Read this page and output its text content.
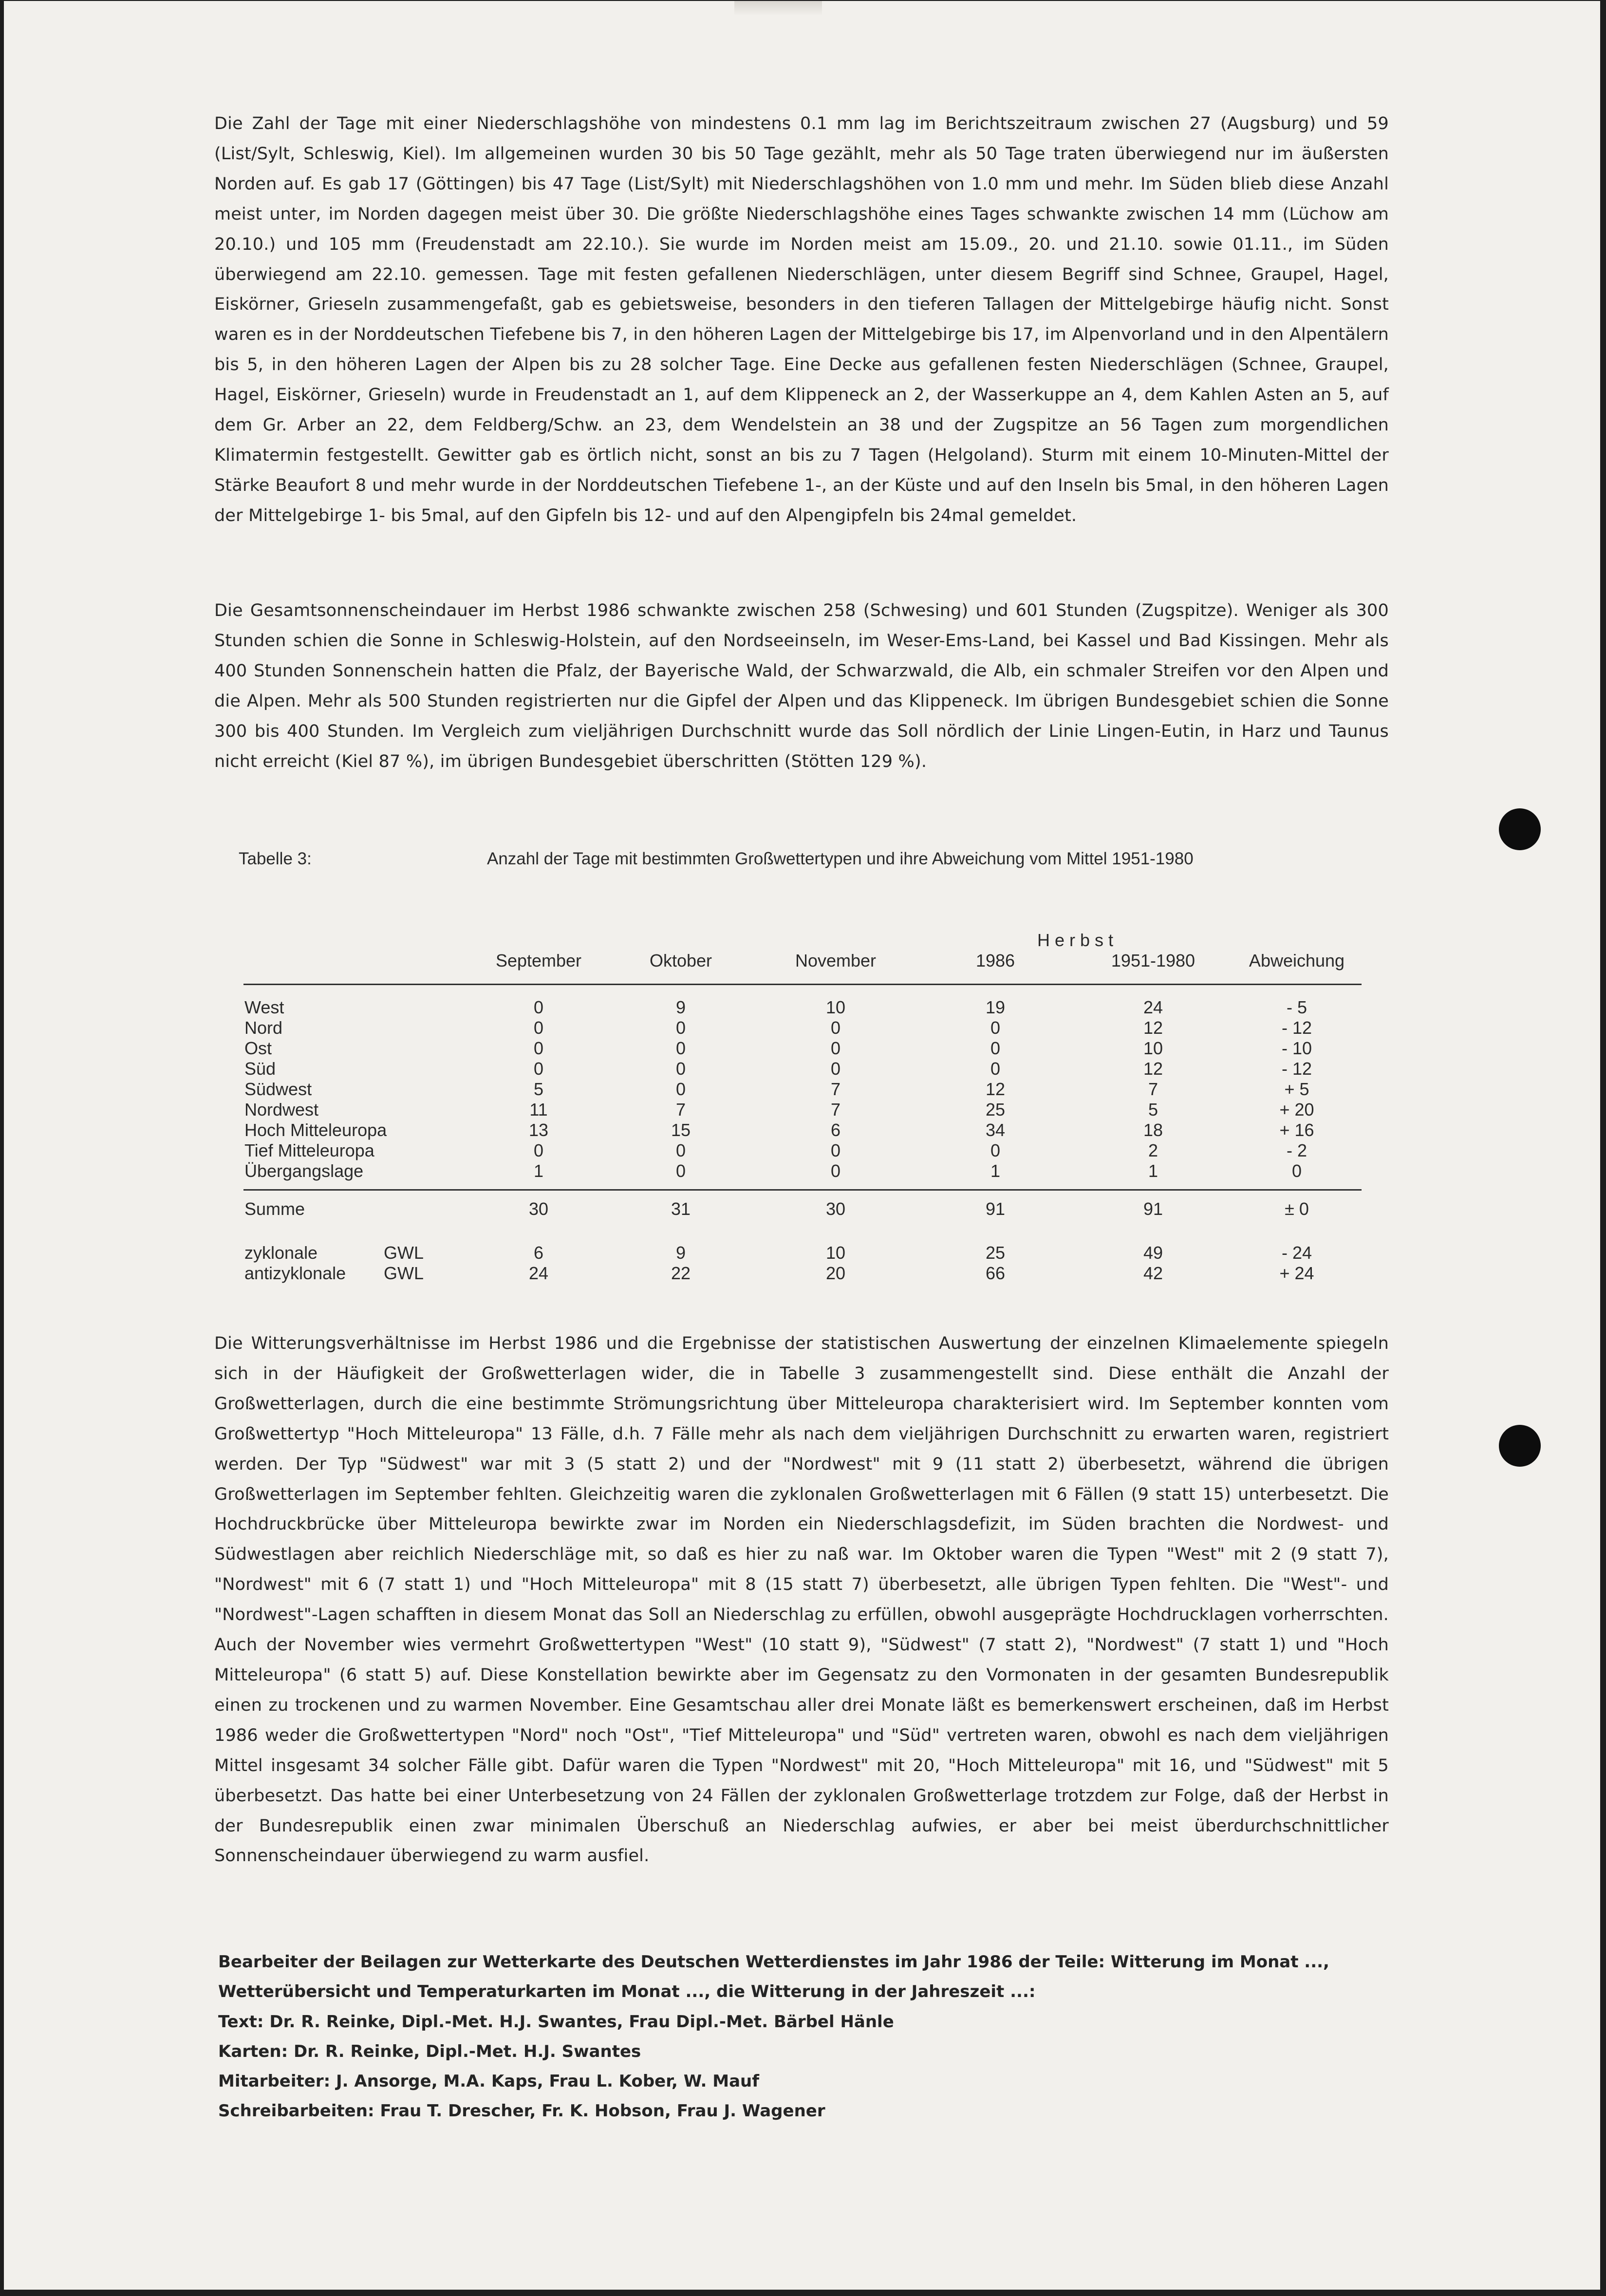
Die Zahl der Tage mit einer Niederschlagshöhe von mindestens 0.1 mm lag im Berichtszeitraum zwischen 27 (Augsburg) und 59 (List/Sylt, Schleswig, Kiel). Im allgemeinen wurden 30 bis 50 Tage gezählt, mehr als 50 Tage traten überwiegend nur im äußersten Norden auf. Es gab 17 (Göttingen) bis 47 Tage (List/Sylt) mit Niederschlagshöhen von 1.0 mm und mehr. Im Süden blieb diese Anzahl meist unter, im Norden dagegen meist über 30. Die größte Niederschlagshöhe eines Tages schwankte zwischen 14 mm (Lüchow am 20.10.) und 105 mm (Freudenstadt am 22.10.). Sie wurde im Norden meist am 15.09., 20. und 21.10. sowie 01.11., im Süden überwiegend am 22.10. gemessen. Tage mit festen gefallenen Niederschlägen, unter diesem Begriff sind Schnee, Graupel, Hagel, Eiskörner, Grieseln zusammengefaßt, gab es gebietsweise, besonders in den tieferen Tallagen der Mittelgebirge häufig nicht. Sonst waren es in der Norddeutschen Tiefebene bis 7, in den höheren Lagen der Mittelgebirge bis 17, im Alpenvorland und in den Alpentälern bis 5, in den höheren Lagen der Alpen bis zu 28 solcher Tage. Eine Decke aus gefallenen festen Niederschlägen (Schnee, Graupel, Hagel, Eiskörner, Grieseln) wurde in Freudenstadt an 1, auf dem Klippeneck an 2, der Wasserkuppe an 4, dem Kahlen Asten an 5, auf dem Gr. Arber an 22, dem Feldberg/Schw. an 23, dem Wendelstein an 38 und der Zugspitze an 56 Tagen zum morgendlichen Klimatermin festgestellt. Gewitter gab es örtlich nicht, sonst an bis zu 7 Tagen (Helgoland). Sturm mit einem 10-Minuten-Mittel der Stärke Beaufort 8 und mehr wurde in der Norddeutschen Tiefebene 1-, an der Küste und auf den Inseln bis 5mal, in den höheren Lagen der Mittelgebirge 1- bis 5mal, auf den Gipfeln bis 12- und auf den Alpengipfeln bis 24mal gemeldet.

Die Gesamtsonnenscheindauer im Herbst 1986 schwankte zwischen 258 (Schwesing) und 601 Stunden (Zugspitze). Weniger als 300 Stunden schien die Sonne in Schleswig-Holstein, auf den Nordseeinseln, im Weser-Ems-Land, bei Kassel und Bad Kissingen. Mehr als 400 Stunden Sonnenschein hatten die Pfalz, der Bayerische Wald, der Schwarzwald, die Alb, ein schmaler Streifen vor den Alpen und die Alpen. Mehr als 500 Stunden registrierten nur die Gipfel der Alpen und das Klippeneck. Im übrigen Bundesgebiet schien die Sonne 300 bis 400 Stunden. Im Vergleich zum vieljährigen Durchschnitt wurde das Soll nördlich der Linie Lingen-Eutin, in Harz und Taunus nicht erreicht (Kiel 87 %), im übrigen Bundesgebiet überschritten (Stötten 129 %).

Tabelle 3:	Anzahl der Tage mit bestimmten Großwettertypen und ihre Abweichung vom Mittel 1951-1980
H e r b s t
September	Oktober	November	1986	1951-1980	Abweichung
West	0	9	10	19	24	- 5
Nord	0	0	0	0	12	- 12
Ost	0	0	0	0	10	- 10
Süd	0	0	0	0	12	- 12
Südwest	5	0	7	12	7	+ 5
Nordwest	11	7	7	25	5	+ 20
Hoch Mitteleuropa	13	15	6	34	18	+ 16
Tief Mitteleuropa	0	0	0	0	2	- 2
Übergangslage	1	0	0	1	1	0
Summe	30	31	30	91	91	± 0
zyklonale	GWL	6	9	10	25	49	- 24
antizyklonale GWL	24	22	20	66	42	+ 24

Die Witterungsverhältnisse im Herbst 1986 und die Ergebnisse der statistischen Auswertung der einzelnen Klimaelemente spiegeln sich in der Häufigkeit der Großwetterlagen wider, die in Tabelle 3 zusammengestellt sind. Diese enthält die Anzahl der Großwetterlagen, durch die eine bestimmte Strömungsrichtung über Mitteleuropa charakterisiert wird. Im September konnten vom Großwettertyp "Hoch Mitteleuropa" 13 Fälle, d.h. 7 Fälle mehr als nach dem vieljährigen Durchschnitt zu erwarten waren, registriert werden. Der Typ "Südwest" war mit 3 (5 statt 2) und der "Nordwest" mit 9 (11 statt 2) überbesetzt, während die übrigen Großwetterlagen im September fehlten. Gleichzeitig waren die zyklonalen Großwetterlagen mit 6 Fällen (9 statt 15) unterbesetzt. Die Hochdruckbrücke über Mitteleuropa bewirkte zwar im Norden ein Niederschlagsdefizit, im Süden brachten die Nordwest- und Südwestlagen aber reichlich Niederschläge mit, so daß es hier zu naß war. Im Oktober waren die Typen "West" mit 2 (9 statt 7), "Nordwest" mit 6 (7 statt 1) und "Hoch Mitteleuropa" mit 8 (15 statt 7) überbesetzt, alle übrigen Typen fehlten. Die "West"- und "Nordwest"-Lagen schafften in diesem Monat das Soll an Niederschlag zu erfüllen, obwohl ausgeprägte Hochdrucklagen vorherrschten. Auch der November wies vermehrt Großwettertypen "West" (10 statt 9), "Südwest" (7 statt 2), "Nordwest" (7 statt 1) und "Hoch Mitteleuropa" (6 statt 5) auf. Diese Konstellation bewirkte aber im Gegensatz zu den Vormonaten in der gesamten Bundesrepublik einen zu trockenen und zu warmen November. Eine Gesamtschau aller drei Monate läßt es bemerkenswert erscheinen, daß im Herbst 1986 weder die Großwettertypen "Nord" noch "Ost", "Tief Mitteleuropa" und "Süd" vertreten waren, obwohl es nach dem vieljährigen Mittel insgesamt 34 solcher Fälle gibt. Dafür waren die Typen "Nordwest" mit 20, "Hoch Mitteleuropa" mit 16, und "Südwest" mit 5 überbesetzt. Das hatte bei einer Unterbesetzung von 24 Fällen der zyklonalen Großwetterlage trotzdem zur Folge, daß der Herbst in der Bundesrepublik einen zwar minimalen Überschuß an Niederschlag aufwies, er aber bei meist überdurchschnittlicher Sonnenscheindauer überwiegend zu warm ausfiel.

Bearbeiter der Beilagen zur Wetterkarte des Deutschen Wetterdienstes im Jahr 1986 der Teile: Witterung im Monat ...,
Wetterübersicht und Temperaturkarten im Monat ..., die Witterung in der Jahreszeit ...:
Text: Dr. R. Reinke, Dipl.-Met. H.J. Swantes, Frau Dipl.-Met. Bärbel Hänle
Karten: Dr. R. Reinke, Dipl.-Met. H.J. Swantes
Mitarbeiter: J. Ansorge, M.A. Kaps, Frau L. Kober, W. Mauf
Schreibarbeiten: Frau T. Drescher, Fr. K. Hobson, Frau J. Wagener
